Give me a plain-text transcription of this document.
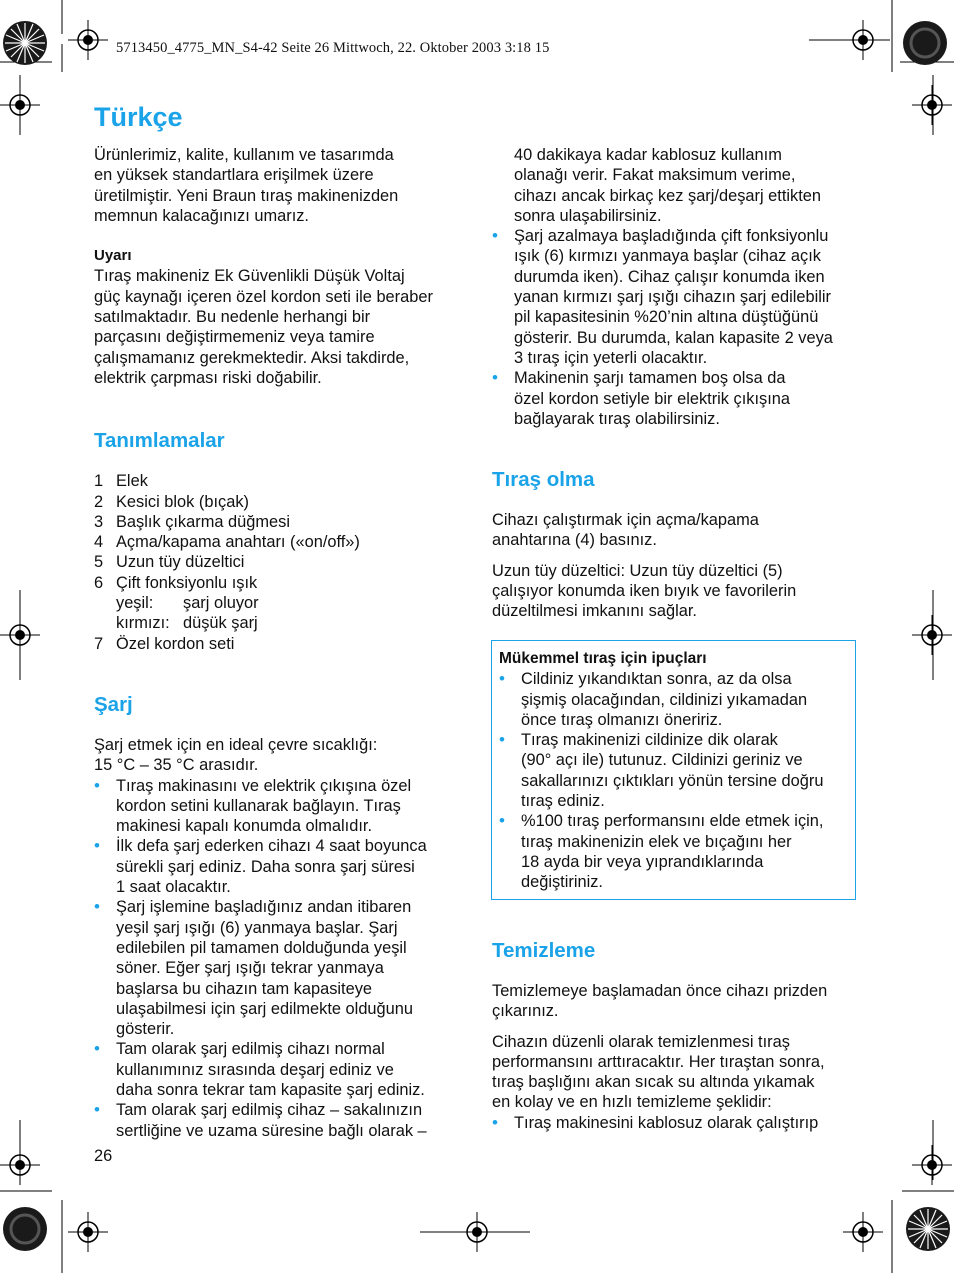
5713450_4775_MN_S4-42 Seite 26 Mittwoch, 22. Oktober 2003 3:18 15
Türkçe

Ürünlerimiz, kalite, kullanım ve tasarımda
en yüksek standartlara erişilmek üzere
üretilmiştir. Yeni Braun tıraş makinenizden
memnun kalacağınızı umarız.

Uyarı

Tıraş makineniz Ek Güvenlikli Düşük Voltaj
güç kaynağı içeren özel kordon seti ile beraber
satılmaktadır. Bu nedenle herhangi bir
parçasını değiştirmemeniz veya tamire
çalışmamanız gerekmektedir. Aksi takdirde,
elektrik çarpması riski doğabilir.

Tanımlamalar
1 Elek
2 Kesici blok (bıçak)
3 Başlık çıkarma düğmesi
4 Açma/kapama anahtarı («on/off»)
5 Uzun tüy düzeltici
6 Çift fonksiyonlu ışık
yeşil:	şarj oluyor
kırmızı: düşük şarj
7 Özel kordon seti
Şarj

Şarj etmek için en ideal çevre sıcaklığı:
15 °C – 35 °C arasıdır.

• Tıraş makinasını ve elektrik çıkışına özel
kordon setini kullanarak bağlayın. Tıraş
makinesi kapalı konumda olmalıdır.
• İlk defa şarj ederken cihazı 4 saat boyunca
sürekli şarj ediniz. Daha sonra şarj süresi
1 saat olacaktır.
• Şarj işlemine başladığınız andan itibaren
yeşil şarj ışığı (6) yanmaya başlar. Şarj
edilebilen pil tamamen dolduğunda yeşil
söner. Eğer şarj ışığı tekrar yanmaya
başlarsa bu cihazın tam kapasiteye
ulaşabilmesi için şarj edilmekte olduğunu
gösterir.
• Tam olarak şarj edilmiş cihazı normal
kullanımınız sırasında deşarj ediniz ve
daha sonra tekrar tam kapasite şarj ediniz.
• Tam olarak şarj edilmiş cihaz – sakalınızın
sertliğine ve uzama süresine bağlı olarak –

40 dakikaya kadar kablosuz kullanım
olanağı verir. Fakat maksimum verime,
cihazı ancak birkaç kez şarj/deşarj ettikten
sonra ulaşabilirsiniz.

• Şarj azalmaya başladığında çift fonksiyonlu
ışık (6) kırmızı yanmaya başlar (cihaz açık
durumda iken). Cihaz çalışır konumda iken
yanan kırmızı şarj ışığı cihazın şarj edilebilir
pil kapasitesinin %20’nin altına düştüğünü
gösterir. Bu durumda, kalan kapasite 2 veya
3 tıraş için yeterli olacaktır.
• Makinenin şarjı tamamen boş olsa da
özel kordon setiyle bir elektrik çıkışına
bağlayarak tıraş olabilirsiniz.
Tıraş olma

Cihazı çalıştırmak için açma/kapama
anahtarına (4) basınız.

Uzun tüy düzeltici: Uzun tüy düzeltici (5)
çalışıyor konumda iken bıyık ve favorilerin
düzeltilmesi imkanını sağlar.

Mükemmel tıraş için ipuçları

• Cildiniz yıkandıktan sonra, az da olsa
şişmiş olacağından, cildinizi yıkamadan
önce tıraş olmanızı öneririz.
• Tıraş makinenizi cildinize dik olarak
(90° açı ile) tutunuz. Cildinizi geriniz ve
sakallarınızı çıktıkları yönün tersine doğru
tıraş ediniz.
• %100 tıraş performansını elde etmek için,
tıraş makinenizin elek ve bıçağını her
18 ayda bir veya yıprandıklarında
değiştiriniz.
Temizleme

Temizlemeye başlamadan önce cihazı prizden
çıkarınız.

Cihazın düzenli olarak temizlenmesi tıraş
performansını arttıracaktır. Her tıraştan sonra,
tıraş başlığını akan sıcak su altında yıkamak
en kolay ve en hızlı temizleme şeklidir:

• Tıraş makinesini kablosuz olarak çalıştırıp
26
